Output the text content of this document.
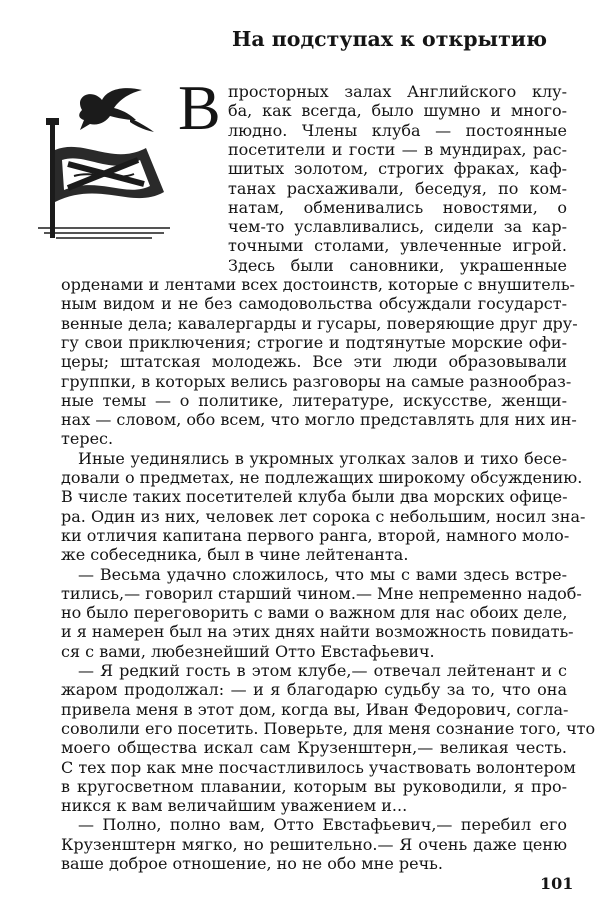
На подступах к открытию
В просторных залах Английского клу-

ба, как всегда, было шумно и много-

людно. Члены клуба — постоянные

посетители и гости — в мундирах, рас-

шитых золотом, строгих фраках, каф-

танах расхаживали, беседуя, по ком-

натам, обменивались новостями, о

чем-то уславливались, сидели за кар-

точными столами, увлеченные игрой.

Здесь были сановники, украшенные

орденами и лентами всех достоинств, которые с внушитель-

ным видом и не без самодовольства обсуждали государст-

венные дела; кавалергарды и гусары, поверяющие друг дру-

гу свои приключения; строгие и подтянутые морские офи-

церы; штатская молодежь. Все эти люди образовывали

группки, в которых велись разговоры на самые разнообраз-

ные темы — о политике, литературе, искусстве, женщи-

нах — словом, обо всем, что могло представлять для них ин-

терес.

Иные уединялись в укромных уголках залов и тихо бесе-

довали о предметах, не подлежащих широкому обсуждению.

В числе таких посетителей клуба были два морских офице-

ра. Один из них, человек лет сорока с небольшим, носил зна-

ки отличия капитана первого ранга, второй, намного моло-

же собеседника, был в чине лейтенанта.

— Весьма удачно сложилось, что мы с вами здесь встре-

тились,— говорил старший чином.— Мне непременно надоб-

но было переговорить с вами о важном для нас обоих деле,

и я намерен был на этих днях найти возможность повидать-

ся с вами, любезнейший Отто Евстафьевич.

— Я редкий гость в этом клубе,— отвечал лейтенант и с

жаром продолжал: — и я благодарю судьбу за то, что она

привела меня в этот дом, когда вы, Иван Федорович, согла-

соволили его посетить. Поверьте, для меня сознание того, что

моего общества искал сам Крузенштерн,— великая честь.

С тех пор как мне посчастливилось участвовать волонтером

в кругосветном плавании, которым вы руководили, я про-

никся к вам величайшим уважением и...

— Полно, полно вам, Отто Евстафьевич,— перебил его

Крузенштерн мягко, но решительно.— Я очень даже ценю

ваше доброе отношение, но не обо мне речь.

101
